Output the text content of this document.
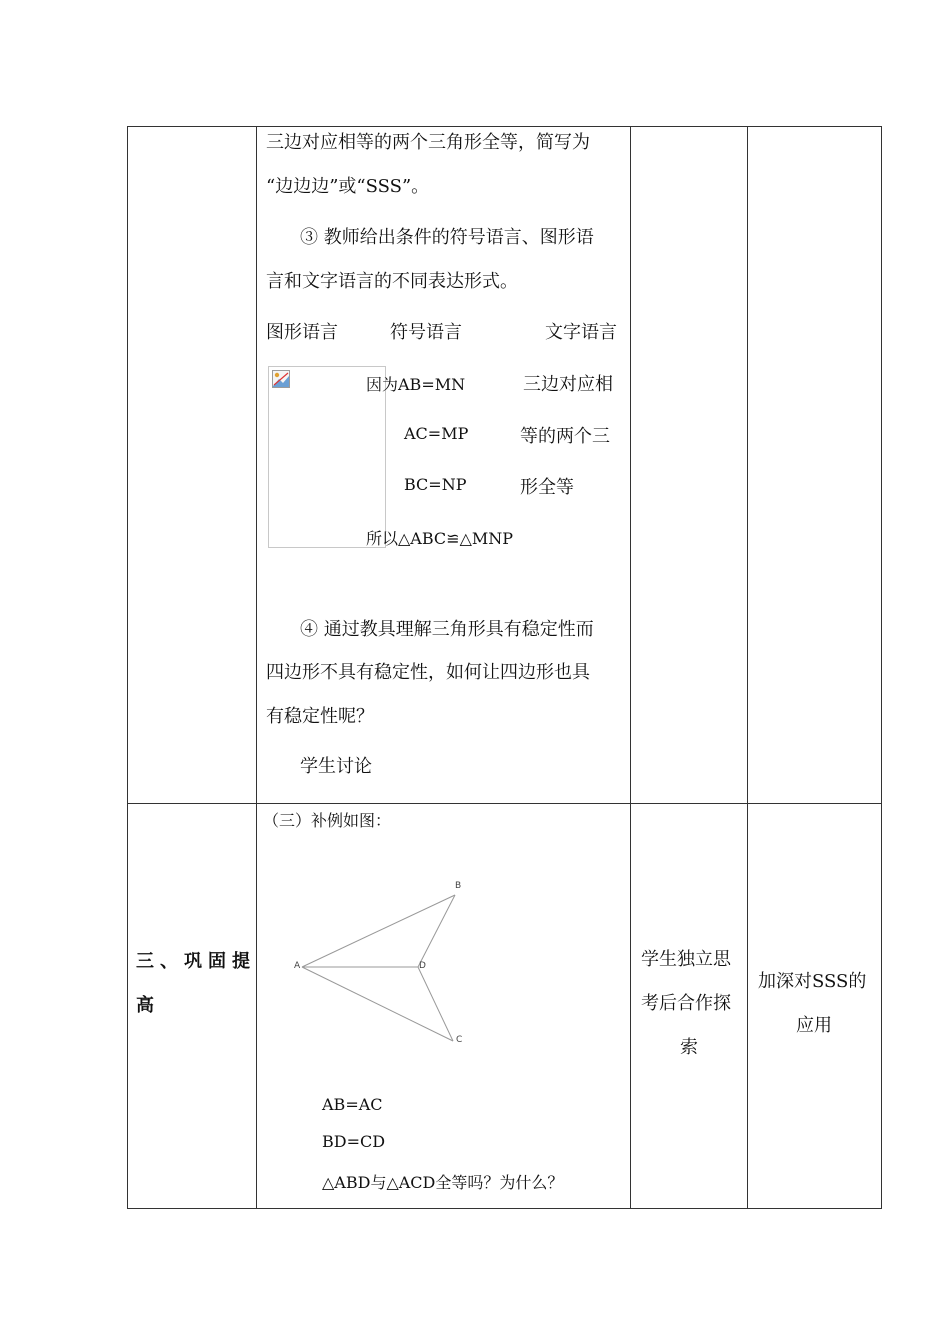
三边对应相等的两个三角形全等，简写为
“边边边”或“SSS”。
③ 教师给出条件的符号语言、图形语
言和文字语言的不同表达形式。
图形语言	符号语言	文字语言
因为AB=MN
AC=MP
BC=NP
所以△ABC≌△MNP
三边对应相
等的两个三
形全等
④ 通过教具理解三角形具有稳定性而
四边形不具有稳定性，如何让四边形也具
有稳定性呢？
学生讨论
三、巩固提
高
（三）补例如图：
A
B
C
D
AB=AC
BD=CD
△ABD与△ACD全等吗？为什么？
学生独立思
考后合作探
索
加深对SSS的
应用
